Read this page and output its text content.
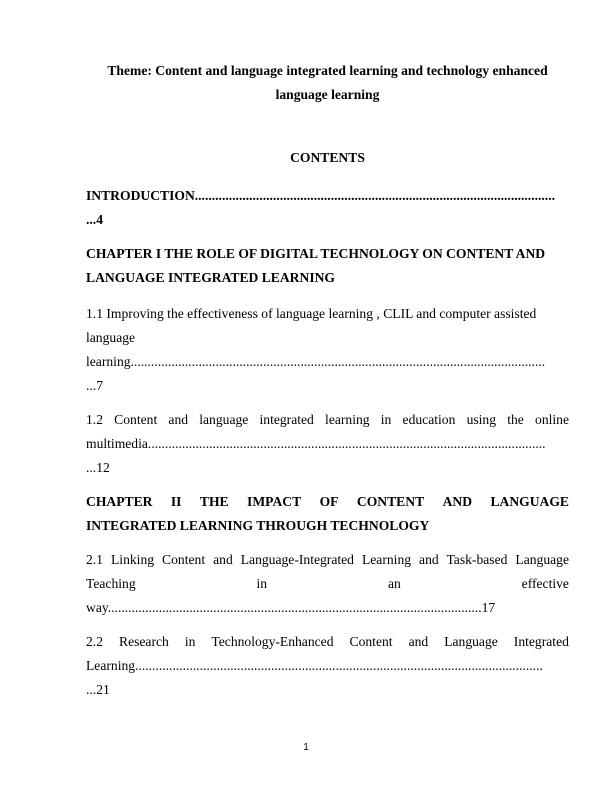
Theme: Content and language integrated learning and technology enhanced
language learning

CONTENTS

INTRODUCTION..........................................................................................................
...4

CHAPTER I THE ROLE OF DIGITAL TECHNOLOGY ON CONTENT AND
LANGUAGE INTEGRATED LEARNING

1.1 Improving the effectiveness of language learning , CLIL and computer assisted
language
learning..........................................................................................................................
...7

1.2 Content and language integrated learning in education using the online
multimedia.....................................................................................................................
...12

CHAPTER II THE IMPACT OF CONTENT AND LANGUAGE
INTEGRATED LEARNING THROUGH TECHNOLOGY

2.1 Linking Content and Language-Integrated Learning and Task-based Language
Teaching	in	an	effective
way..............................................................................................................17

2.2 Research in Technology-Enhanced Content and Language Integrated
Learning........................................................................................................................
...21

1
